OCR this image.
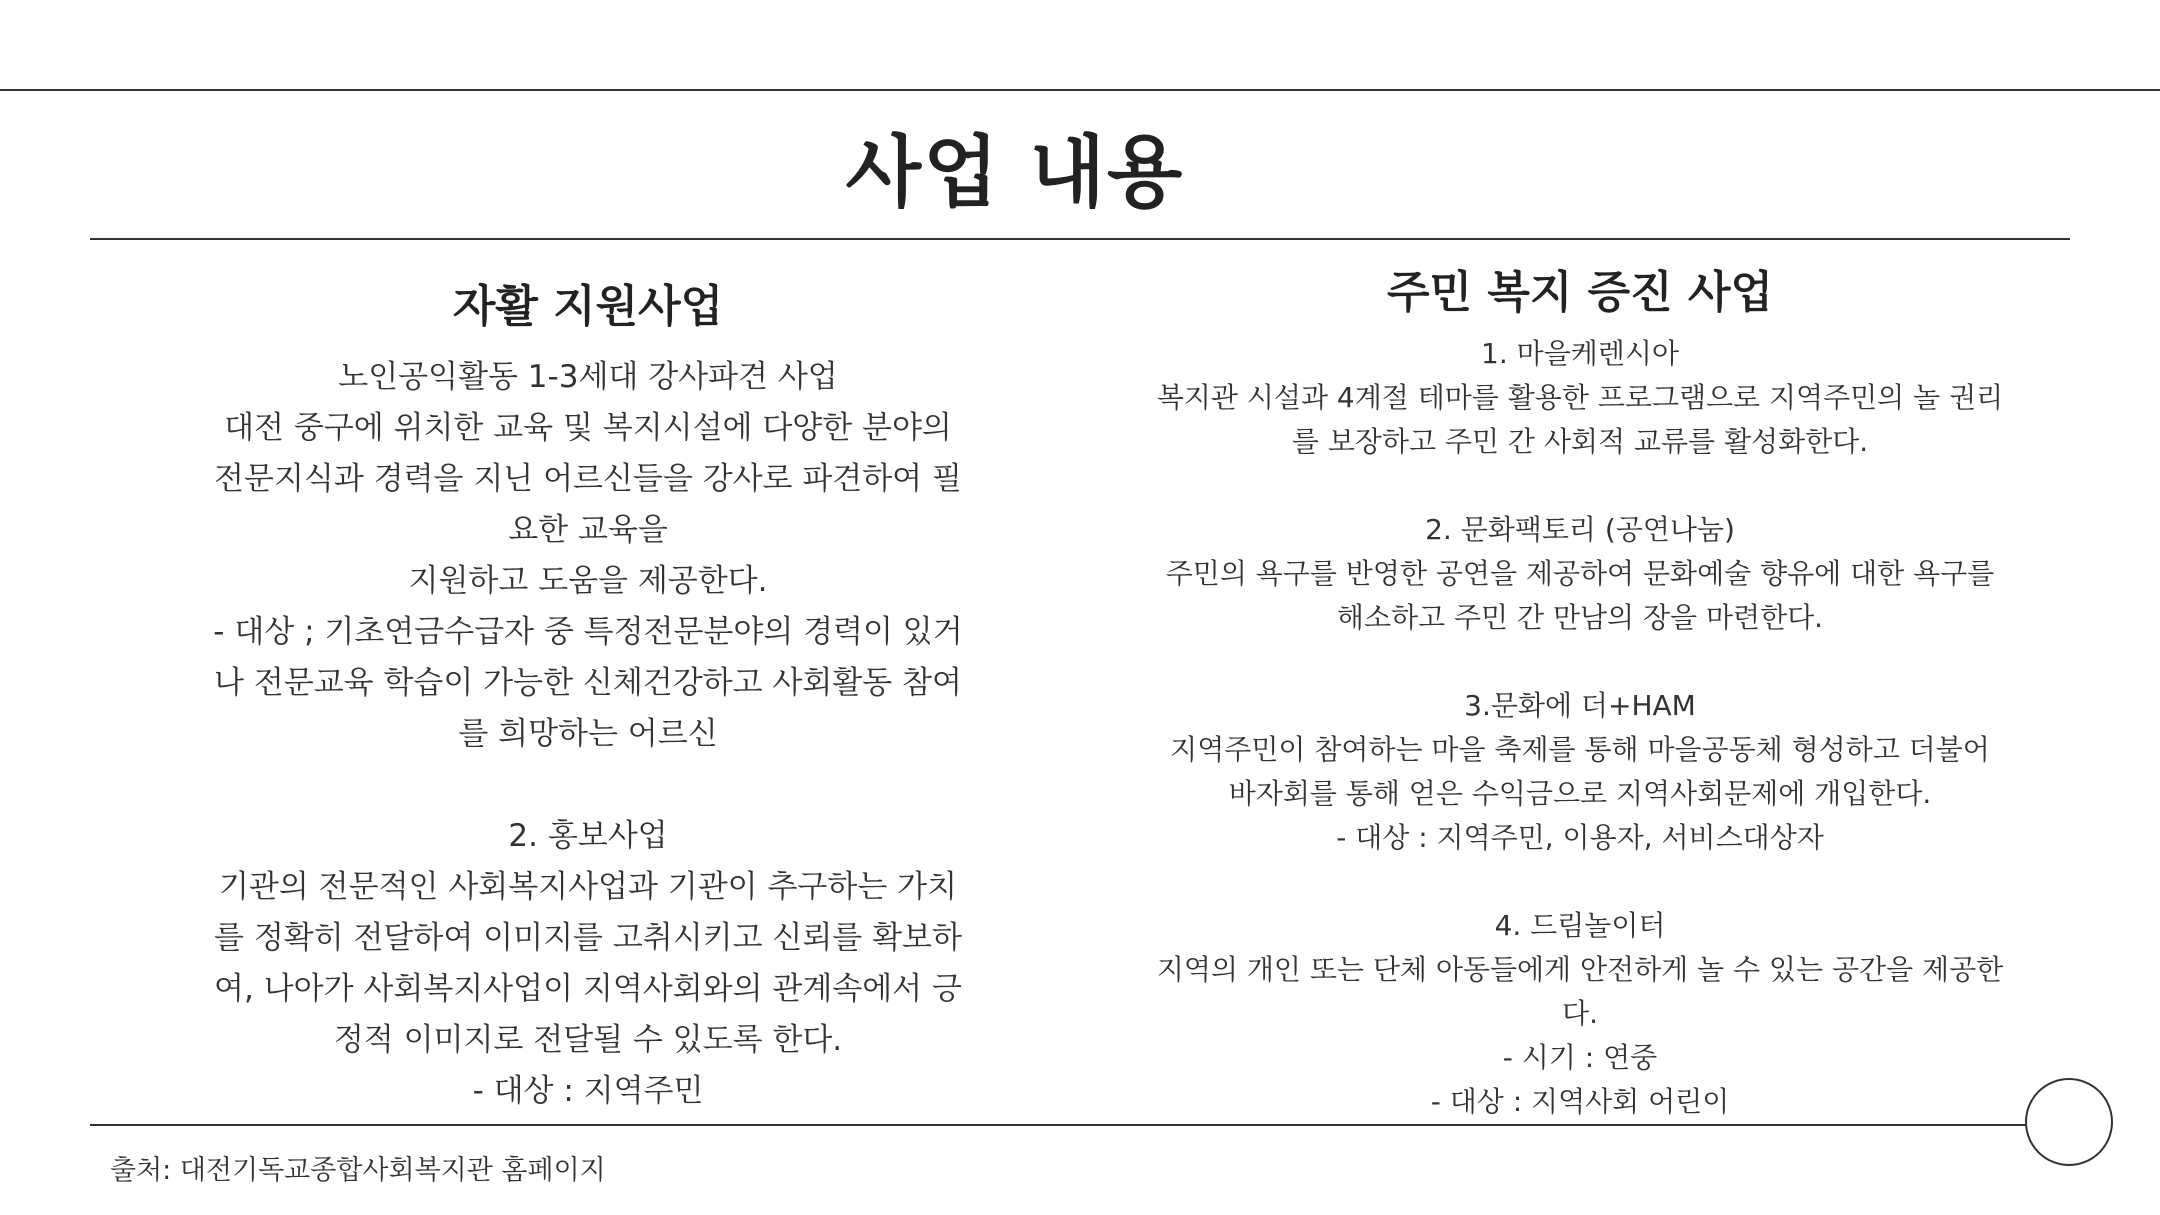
사업 내용
자활 지원사업
노인공익활동 1-3세대 강사파견 사업
대전 중구에 위치한 교육 및 복지시설에 다양한 분야의
전문지식과 경력을 지닌 어르신들을 강사로 파견하여 필
요한 교육을
지원하고 도움을 제공한다.
- 대상 ; 기초연금수급자 중 특정전문분야의 경력이 있거
나 전문교육 학습이 가능한 신체건강하고 사회활동 참여
를 희망하는 어르신
2. 홍보사업
기관의 전문적인 사회복지사업과 기관이 추구하는 가치
를 정확히 전달하여 이미지를 고취시키고 신뢰를 확보하
여, 나아가 사회복지사업이 지역사회와의 관계속에서 긍
정적 이미지로 전달될 수 있도록 한다.
- 대상 : 지역주민
주민 복지 증진 사업
1. 마을케렌시아
복지관 시설과 4계절 테마를 활용한 프로그램으로 지역주민의 놀 권리
를 보장하고 주민 간 사회적 교류를 활성화한다.
2. 문화팩토리 (공연나눔)
주민의 욕구를 반영한 공연을 제공하여 문화예술 향유에 대한 욕구를
해소하고 주민 간 만남의 장을 마련한다.
3.문화에 더+HAM
지역주민이 참여하는 마을 축제를 통해 마을공동체 형성하고 더불어
바자회를 통해 얻은 수익금으로 지역사회문제에 개입한다.
- 대상 : 지역주민, 이용자, 서비스대상자
4. 드림놀이터
지역의 개인 또는 단체 아동들에게 안전하게 놀 수 있는 공간을 제공한
다.
- 시기 : 연중
- 대상 : 지역사회 어린이
출처: 대전기독교종합사회복지관 홈페이지
